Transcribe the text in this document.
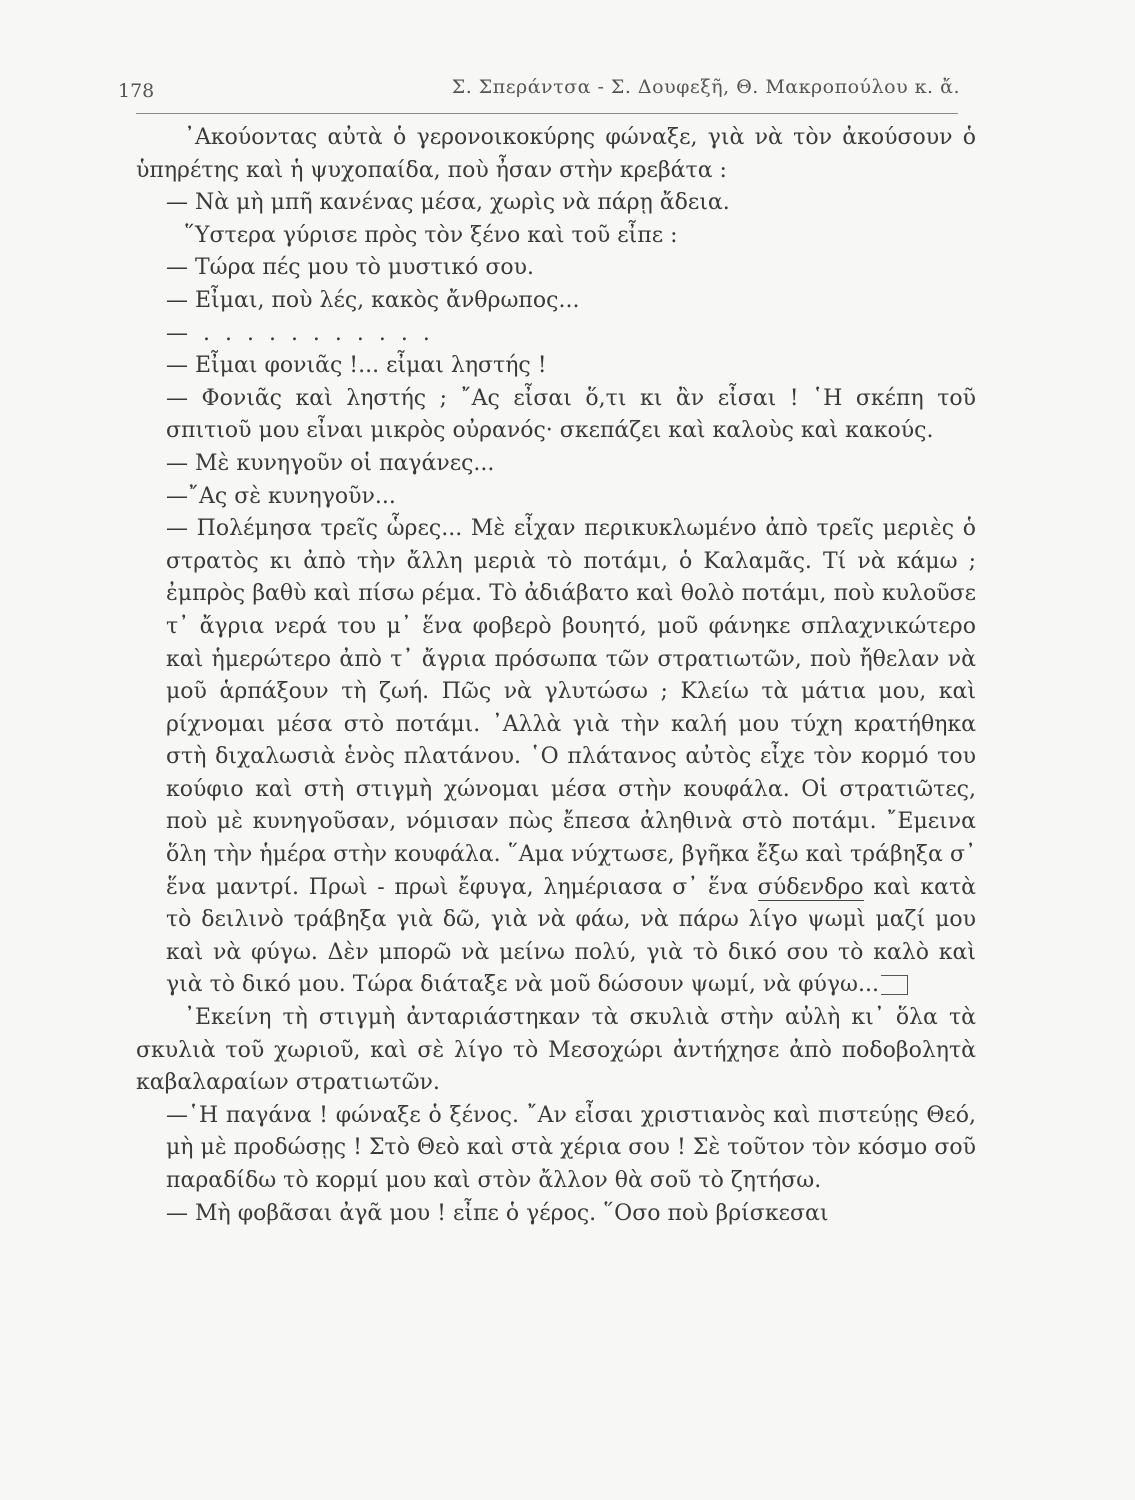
178	Σ. Σπεράντσα - Σ. Δουφεξῆ, Θ. Μακροπούλου κ. ἄ.

᾿Ακούοντας αὐτὰ ὁ γερονοικοκύρης φώναξε, γιὰ νὰ τὸν ἀκούσουν ὁ ὑπηρέτης καὶ ἡ ψυχοπαίδα, ποὺ ἦσαν στὴν κρεβάτα :

— Νὰ μὴ μπῆ κανένας μέσα, χωρὶς νὰ πάρῃ ἄδεια.

῞Υστερα γύρισε πρὸς τὸν ξένο καὶ τοῦ εἶπε :

— Τώρα πές μου τὸ μυστικό σου.

— Εἶμαι, ποὺ λές, κακὸς ἄνθρωπος...

— . . . . . . . . . . .

— Εἶμαι φονιᾶς !... εἶμαι ληστής !

— Φονιᾶς καὶ ληστής ; ῎Ας εἶσαι ὅ,τι κι ἂν εἶσαι ! ῾Η σκέπη τοῦ σπιτιοῦ μου εἶναι μικρὸς οὐρανός· σκεπάζει καὶ καλοὺς καὶ κακούς.

— Μὲ κυνηγοῦν οἱ παγάνες...

—῎Ας σὲ κυνηγοῦν...

— Πολέμησα τρεῖς ὧρες... Μὲ εἶχαν περικυκλωμένο ἀπὸ τρεῖς μεριὲς ὁ στρατὸς κι ἀπὸ τὴν ἄλλη μεριὰ τὸ ποτάμι, ὁ Καλαμᾶς. Τί νὰ κάμω ; ἐμπρὸς βαθὺ καὶ πίσω ρέμα. Τὸ ἀδιάβατο καὶ θολὸ ποτάμι, ποὺ κυλοῦσε τ᾿ ἄγρια νερά του μ᾿ ἕνα φοβερὸ βουητό, μοῦ φάνηκε σπλαχνικώτερο καὶ ἡμερώτερο ἀπὸ τ᾿ ἄγρια πρόσωπα τῶν στρατιωτῶν, ποὺ ἤθελαν νὰ μοῦ ἁρπάξουν τὴ ζωή. Πῶς νὰ γλυτώσω ; Κλείω τὰ μάτια μου, καὶ ρίχνομαι μέσα στὸ ποτάμι. ᾿Αλλὰ γιὰ τὴν καλή μου τύχη κρατήθηκα στὴ διχαλωσιὰ ἑνὸς πλατάνου. ῾Ο πλάτανος αὐτὸς εἶχε τὸν κορμό του κούφιο καὶ στὴ στιγμὴ χώνομαι μέσα στὴν κουφάλα. Οἱ στρατιῶτες, ποὺ μὲ κυνηγοῦσαν, νόμισαν πὼς ἔπεσα ἀληθινὰ στὸ ποτάμι. ῎Εμεινα ὅλη τὴν ἡμέρα στὴν κουφάλα. ῞Αμα νύχτωσε, βγῆκα ἔξω καὶ τράβηξα σ᾿ ἕνα μαντρί. Πρωὶ - πρωὶ ἔφυγα, λημέριασα σ᾿ ἕνα σύδενδρο καὶ κατὰ τὸ δειλινὸ τράβηξα γιὰ δῶ, γιὰ νὰ φάω, νὰ πάρω λίγο ψωμὶ μαζί μου καὶ νὰ φύγω. Δὲν μπορῶ νὰ μείνω πολύ, γιὰ τὸ δικό σου τὸ καλὸ καὶ γιὰ τὸ δικό μου. Τώρα διάταξε νὰ μοῦ δώσουν ψωμί, νὰ φύγω...

᾿Εκείνη τὴ στιγμὴ ἀνταριάστηκαν τὰ σκυλιὰ στὴν αὐλὴ κι᾿ ὅλα τὰ σκυλιὰ τοῦ χωριοῦ, καὶ σὲ λίγο τὸ Μεσοχώρι ἀντήχησε ἀπὸ ποδοβολητὰ καβαλαραίων στρατιωτῶν.

—῾Η παγάνα ! φώναξε ὁ ξένος. ῎Αν εἶσαι χριστιανὸς καὶ πιστεύῃς Θεό, μὴ μὲ προδώσῃς ! Στὸ Θεὸ καὶ στὰ χέρια σου ! Σὲ τοῦτον τὸν κόσμο σοῦ παραδίδω τὸ κορμί μου καὶ στὸν ἄλλον θὰ σοῦ τὸ ζητήσω.

— Μὴ φοβᾶσαι ἀγᾶ μου ! εἶπε ὁ γέρος. ῞Οσο ποὺ βρίσκεσαι
